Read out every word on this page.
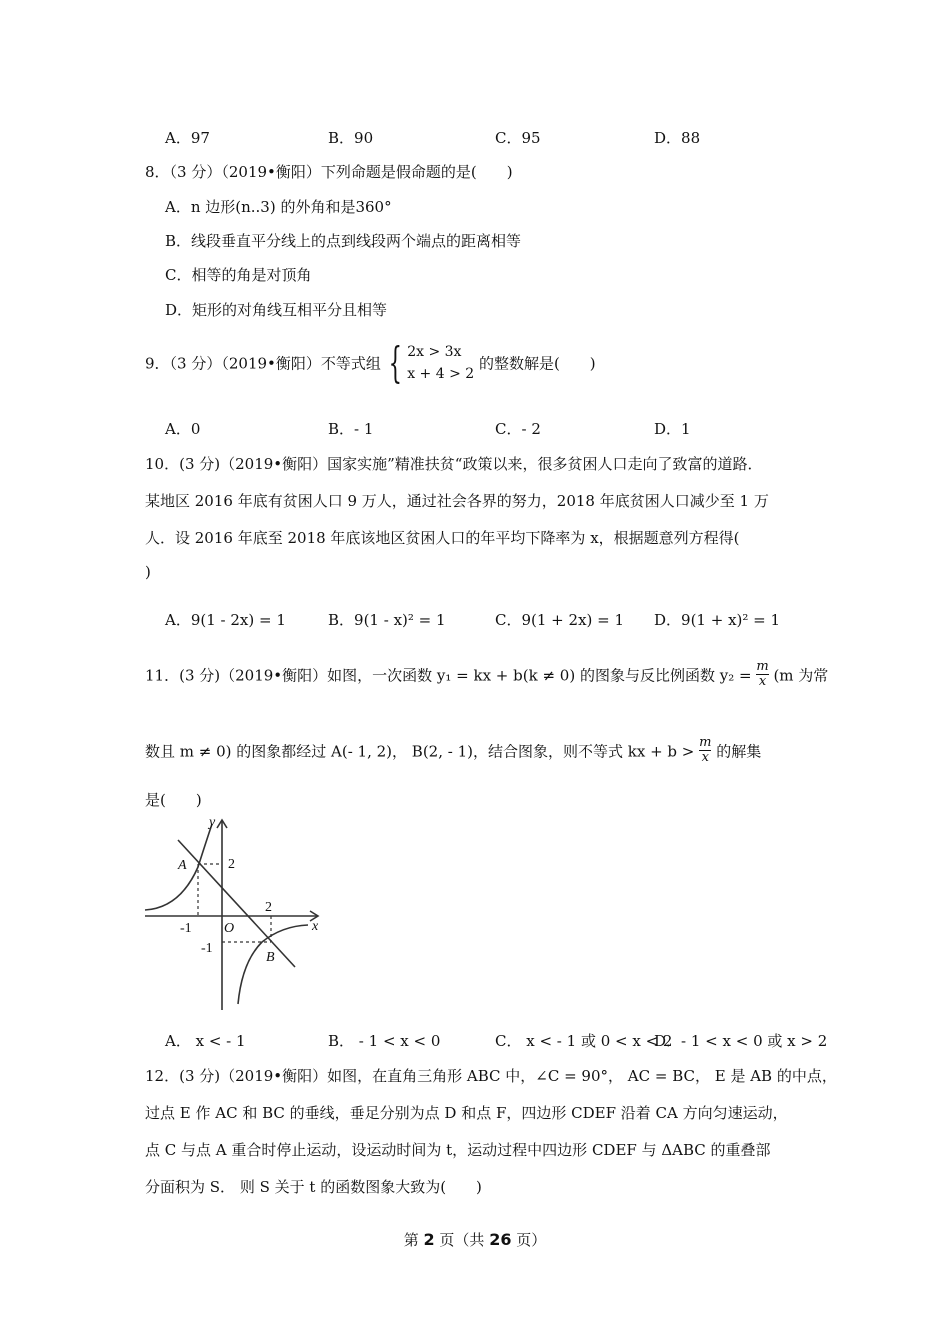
A．97	B．90	C．95	D．88
8．（3 分）（2019•衡阳）下列命题是假命题的是(　　)
A．n 边形(n..3) 的外角和是360°
B．线段垂直平分线上的点到线段两个端点的距离相等
C．相等的角是对顶角
D．矩形的对角线互相平分且相等
9．（3 分）（2019•衡阳）不等式组 { 2x > 3x
x + 4 > 2
的整数解是(　　)
A．0	B．- 1	C．- 2	D．1
10．(3 分)（2019•衡阳）国家实施”精准扶贫“政策以来，很多贫困人口走向了致富的道路．
某地区 2016 年底有贫困人口 9 万人，通过社会各界的努力，2018 年底贫困人口减少至 1 万
人．设 2016 年底至 2018 年底该地区贫困人口的年平均下降率为 x，根据题意列方程得(
)
A．9(1 - 2x) = 1	B．9(1 - x)² = 1	C．9(1 + 2x) = 1 D．9(1 + x)² = 1
11．(3 分)（2019•衡阳）如图，一次函数 y₁ = kx + b(k ≠ 0) 的图象与反比例函数 $y_2 = \frac{m}{x} (m$ 为常
数且 m ≠ 0) 的图象都经过 A(- 1, 2)， B(2, - 1)，结合图象，则不等式 kx + $b > \frac{m}{x}$ 的解集
是(　　)
y
x
O
A
B
2
2
-1
-1
A． x < - 1	B． - 1 < x < 0	C． x < - 1 或 0 < x < 2
D．- 1 < x < 0 或 x > 2
12．(3 分)（2019•衡阳）如图，在直角三角形 ABC 中，∠C = 90°， AC = BC， E 是 AB 的中点，
过点 E 作 AC 和 BC 的垂线，垂足分别为点 D 和点 F，四边形 CDEF 沿着 CA 方向匀速运动，
点 C 与点 A 重合时停止运动，设运动时间为 t，运动过程中四边形 CDEF 与 ΔABC 的重叠部
分面积为 S． 则 S 关于 t 的函数图象大致为(　　)
第 2 页（共 26 页）
